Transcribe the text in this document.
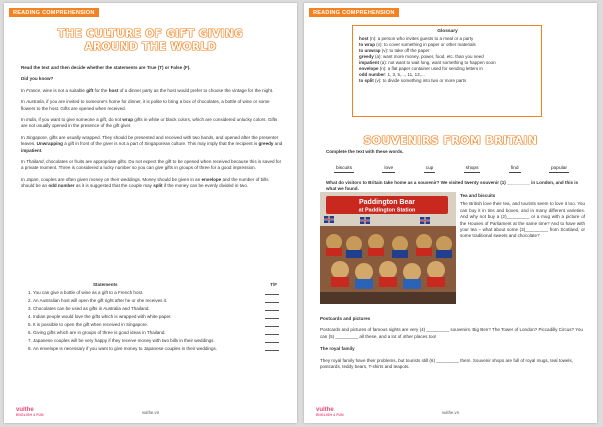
READING COMPREHENSION
THE CULTURE OF GIFT GIVING
AROUND THE WORLD

Read the text and then decide whether the statements are True (T) or False (F).

Did you know?

In France, wine is not a suitable gift for the host of a dinner party as the host would prefer to choose the vintage for the night.

In Australia, if you are invited to someone's home for dinner, it is polite to bring a box of chocolates, a bottle of wine or some flowers to the host. Gifts are opened when received.

In India, if you want to give someone a gift, do not wrap gifts in white or black colors, which are considered unlucky colors. Gifts are not usually opened in the presence of the gift giver.

In Singapore, gifts are usually wrapped. They should be presented and received with two hands, and opened after the presenter leaves. Unwrapping a gift in front of the giver is not a part of Singaporean culture. This may imply that the recipient is greedy and impatient.

In Thailand, chocolates or fruits are appropriate gifts. Do not expect the gift to be opened when received because this is saved for a private moment. Three is considered a lucky number so you can give gifts in groups of three for a good impression.

In Japan, couples are often given money on their weddings. Money should be given in an envelope and the number of bills should be an odd number as it is suggested that the couple may split if the money can be evenly divided in two.

Statements	T/F
1. You can give a bottle of wine as a gift to a French host.
2. An Australian host will open the gift right after he or she receives it.
3. Chocolates can be used as gifts in Australia and Thailand.
4. Indian people would love the gifts which is wrapped with white paper.
5. It is possible to open the gift when received in Singapore.
6. Giving gifts which are in groups of three is good ideas in Thailand.
7. Japanese couples will be very happy if they receive money with two bills in their weddings.
8. An envelope is necessary if you want to give money to Japanese couples in their weddings.
vuithe
ENGLISH 4 FUN	vuithe.vn
READING COMPREHENSION
Glossary
host (n): a person who invites guests to a meal or a party
to wrap (v): to cover something in paper or other materials
to unwrap (v): to take off the paper
greedy (a): want more money, power, food, etc. than you need
impatient (a): not want to wait long, want something to happen soon
envelope (n): a flat paper container used for sending letters in
odd number: 1, 3, 5,..., 11, 13,...
to split (v): to divide something into two or more parts
SOUVENIRS FROM BRITAIN
Complete the text with these words.
biscuits	love	cup	shops	find	popular
What do visitors to Britain take home as a souvenir? We visited twenty souvenir (1) _________ in London, and this is what we found.
Paddington Bear
at Paddington Station

Tea and biscuits

The British love their tea, and tourists seem to love it too. You can buy it in tins and boxes, and in many different varieties. And why not buy a (2)_________ or a mug with a picture of the Houses of Parliament at the same time? And to have with your tea – what about some (3)_________ from Scotland, or some traditional sweets and chocolate?

Postcards and pictures

Postcards and pictures of famous sights are very (4) _________ souvenirs. Big Ben? The Tower of London? Piccadilly Circus? You can (5) _________ all these, and a lot of other places too!

The royal family

They royal family have their problems, but tourists still (6) _________ them. Souvenir shops are full of royal mugs, teal towels, postcards, teddy bears, T-shirts and teapots.

vuithe
ENGLISH 4 FUN	vuithe.vn
